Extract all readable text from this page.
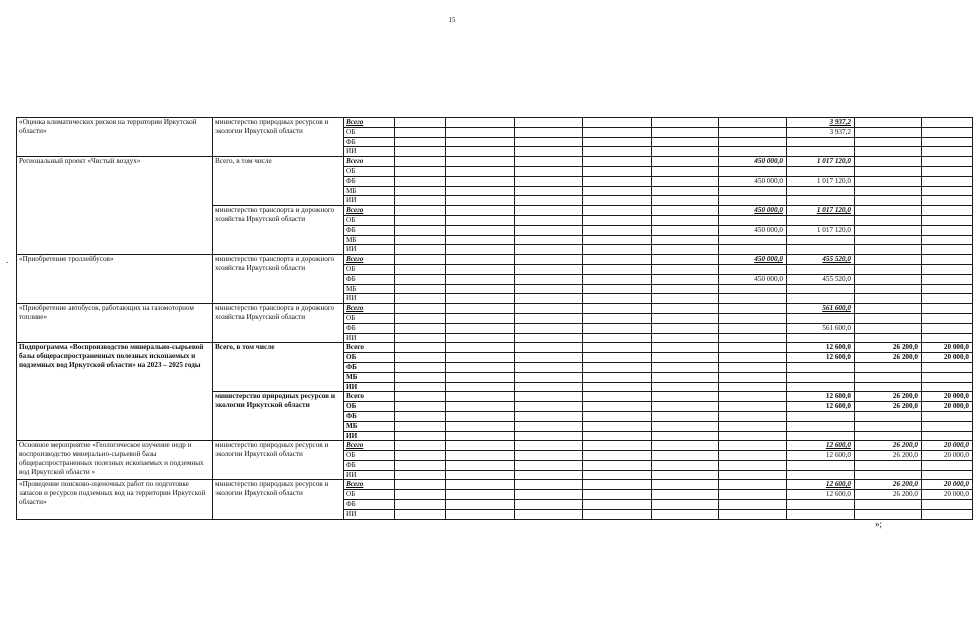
15
-
«Оценка климатических рисков на территории Иркутской области»	министерство природных ресурсов и экологии Иркутской области	Всего							3 937,2		
		ОБ							3 937,2		
		ФБ									
		ИИ									
Региональный проект «Чистый воздух»	Всего, в том числе	Всего						450 000,0	1 017 120,0		
		ОБ									
		ФБ						450 000,0	1 017 120,0		
		МБ									
		ИИ									
	министерство транспорта и дорожного хозяйства Иркутской области	Всего						450 000,0	1 017 120,0		
		ОБ									
		ФБ						450 000,0	1 017 120,0		
		МБ									
		ИИ									
«Приобретение троллейбусов»	министерство транспорта и дорожного хозяйства Иркутской области	Всего						450 000,0	455 520,0		
		ОБ									
		ФБ						450 000,0	455 520,0		
		МБ									
		ИИ									
«Приобретение автобусов, работающих на газомоторном топливе»	министерство транспорта и дорожного хозяйства Иркутской области	Всего							561 600,0		
		ОБ									
		ФБ							561 600,0		
		ИИ									
Подпрограмма «Воспроизводство минерально-сырьевой базы общераспространенных полезных ископаемых и подземных вод Иркутской области» на 2023 – 2025 годы	Всего, в том числе	Всего							12 600,0	26 200,0	20 000,0
		ОБ							12 600,0	26 200,0	20 000,0
		ФБ									
		МБ									
		ИИ									
	министерство природных ресурсов и экологии Иркутской области	Всего							12 600,0	26 200,0	20 000,0
		ОБ							12 600,0	26 200,0	20 000,0
		ФБ									
		МБ									
		ИИ									
Основное мероприятие «Геологическое изучение недр и воспроизводство минерально-сырьевой базы общераспространенных полезных ископаемых и подземных вод Иркутской области »	министерство природных ресурсов и экологии Иркутской области	Всего							12 600,0	26 200,0	20 000,0
		ОБ							12 600,0	26 200,0	20 000,0
		ФБ									
		ИИ									
«Проведение поисково-оценочных работ по подготовке запасов и ресурсов подземных вод на территории Иркутской области»	министерство природных ресурсов и экологии Иркутской области	Всего							12 600,0	26 200,0	20 000,0
		ОБ							12 600,0	26 200,0	20 000,0
		ФБ									
		ИИ									
»;
